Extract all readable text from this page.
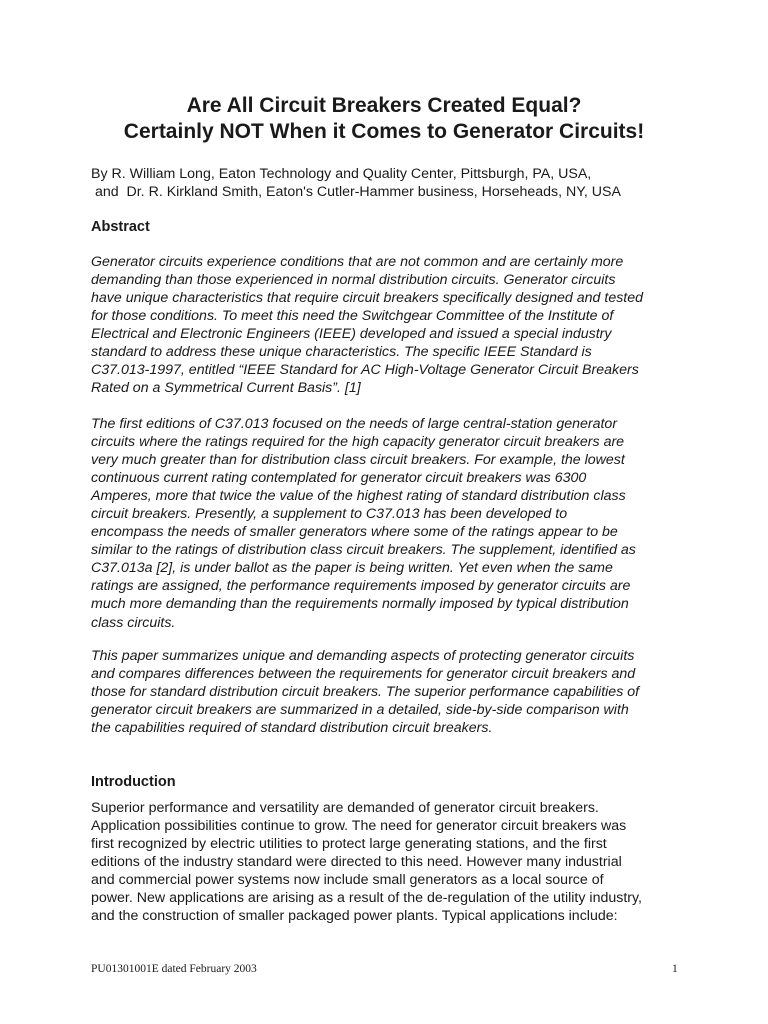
Are All Circuit Breakers Created Equal?
Certainly NOT When it Comes to Generator Circuits!
By R. William Long, Eaton Technology and Quality Center, Pittsburgh, PA, USA,
and  Dr. R. Kirkland Smith, Eaton's Cutler-Hammer business, Horseheads, NY, USA
Abstract
Generator circuits experience conditions that are not common and are certainly more
demanding than those experienced in normal distribution circuits. Generator circuits
have unique characteristics that require circuit breakers specifically designed and tested
for those conditions. To meet this need the Switchgear Committee of the Institute of
Electrical and Electronic Engineers (IEEE) developed and issued a special industry
standard to address these unique characteristics. The specific IEEE Standard is
C37.013-1997, entitled “IEEE Standard for AC High-Voltage Generator Circuit Breakers
Rated on a Symmetrical Current Basis”. [1]
The first editions of C37.013 focused on the needs of large central-station generator
circuits where the ratings required for the high capacity generator circuit breakers are
very much greater than for distribution class circuit breakers. For example, the lowest
continuous current rating contemplated for generator circuit breakers was 6300
Amperes, more that twice the value of the highest rating of standard distribution class
circuit breakers. Presently, a supplement to C37.013 has been developed to
encompass the needs of smaller generators where some of the ratings appear to be
similar to the ratings of distribution class circuit breakers. The supplement, identified as
C37.013a [2], is under ballot as the paper is being written. Yet even when the same
ratings are assigned, the performance requirements imposed by generator circuits are
much more demanding than the requirements normally imposed by typical distribution
class circuits.
This paper summarizes unique and demanding aspects of protecting generator circuits
and compares differences between the requirements for generator circuit breakers and
those for standard distribution circuit breakers. The superior performance capabilities of
generator circuit breakers are summarized in a detailed, side-by-side comparison with
the capabilities required of standard distribution circuit breakers.
Introduction
Superior performance and versatility are demanded of generator circuit breakers.
Application possibilities continue to grow. The need for generator circuit breakers was
first recognized by electric utilities to protect large generating stations, and the first
editions of the industry standard were directed to this need. However many industrial
and commercial power systems now include small generators as a local source of
power. New applications are arising as a result of the de-regulation of the utility industry,
and the construction of smaller packaged power plants. Typical applications include:
PU01301001E dated February 2003	1
